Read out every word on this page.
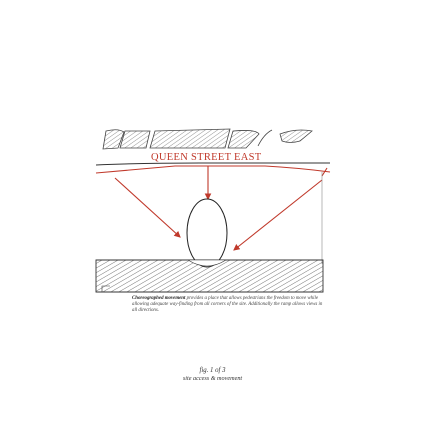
QUEEN STREET EAST
Choreographed movement provides a place that allows pedestrians the freedom to move while allowing adequate way-finding from all corners of the site. Additionally the ramp allows views in all directions.
fig. 1 of 3
site access & movement
